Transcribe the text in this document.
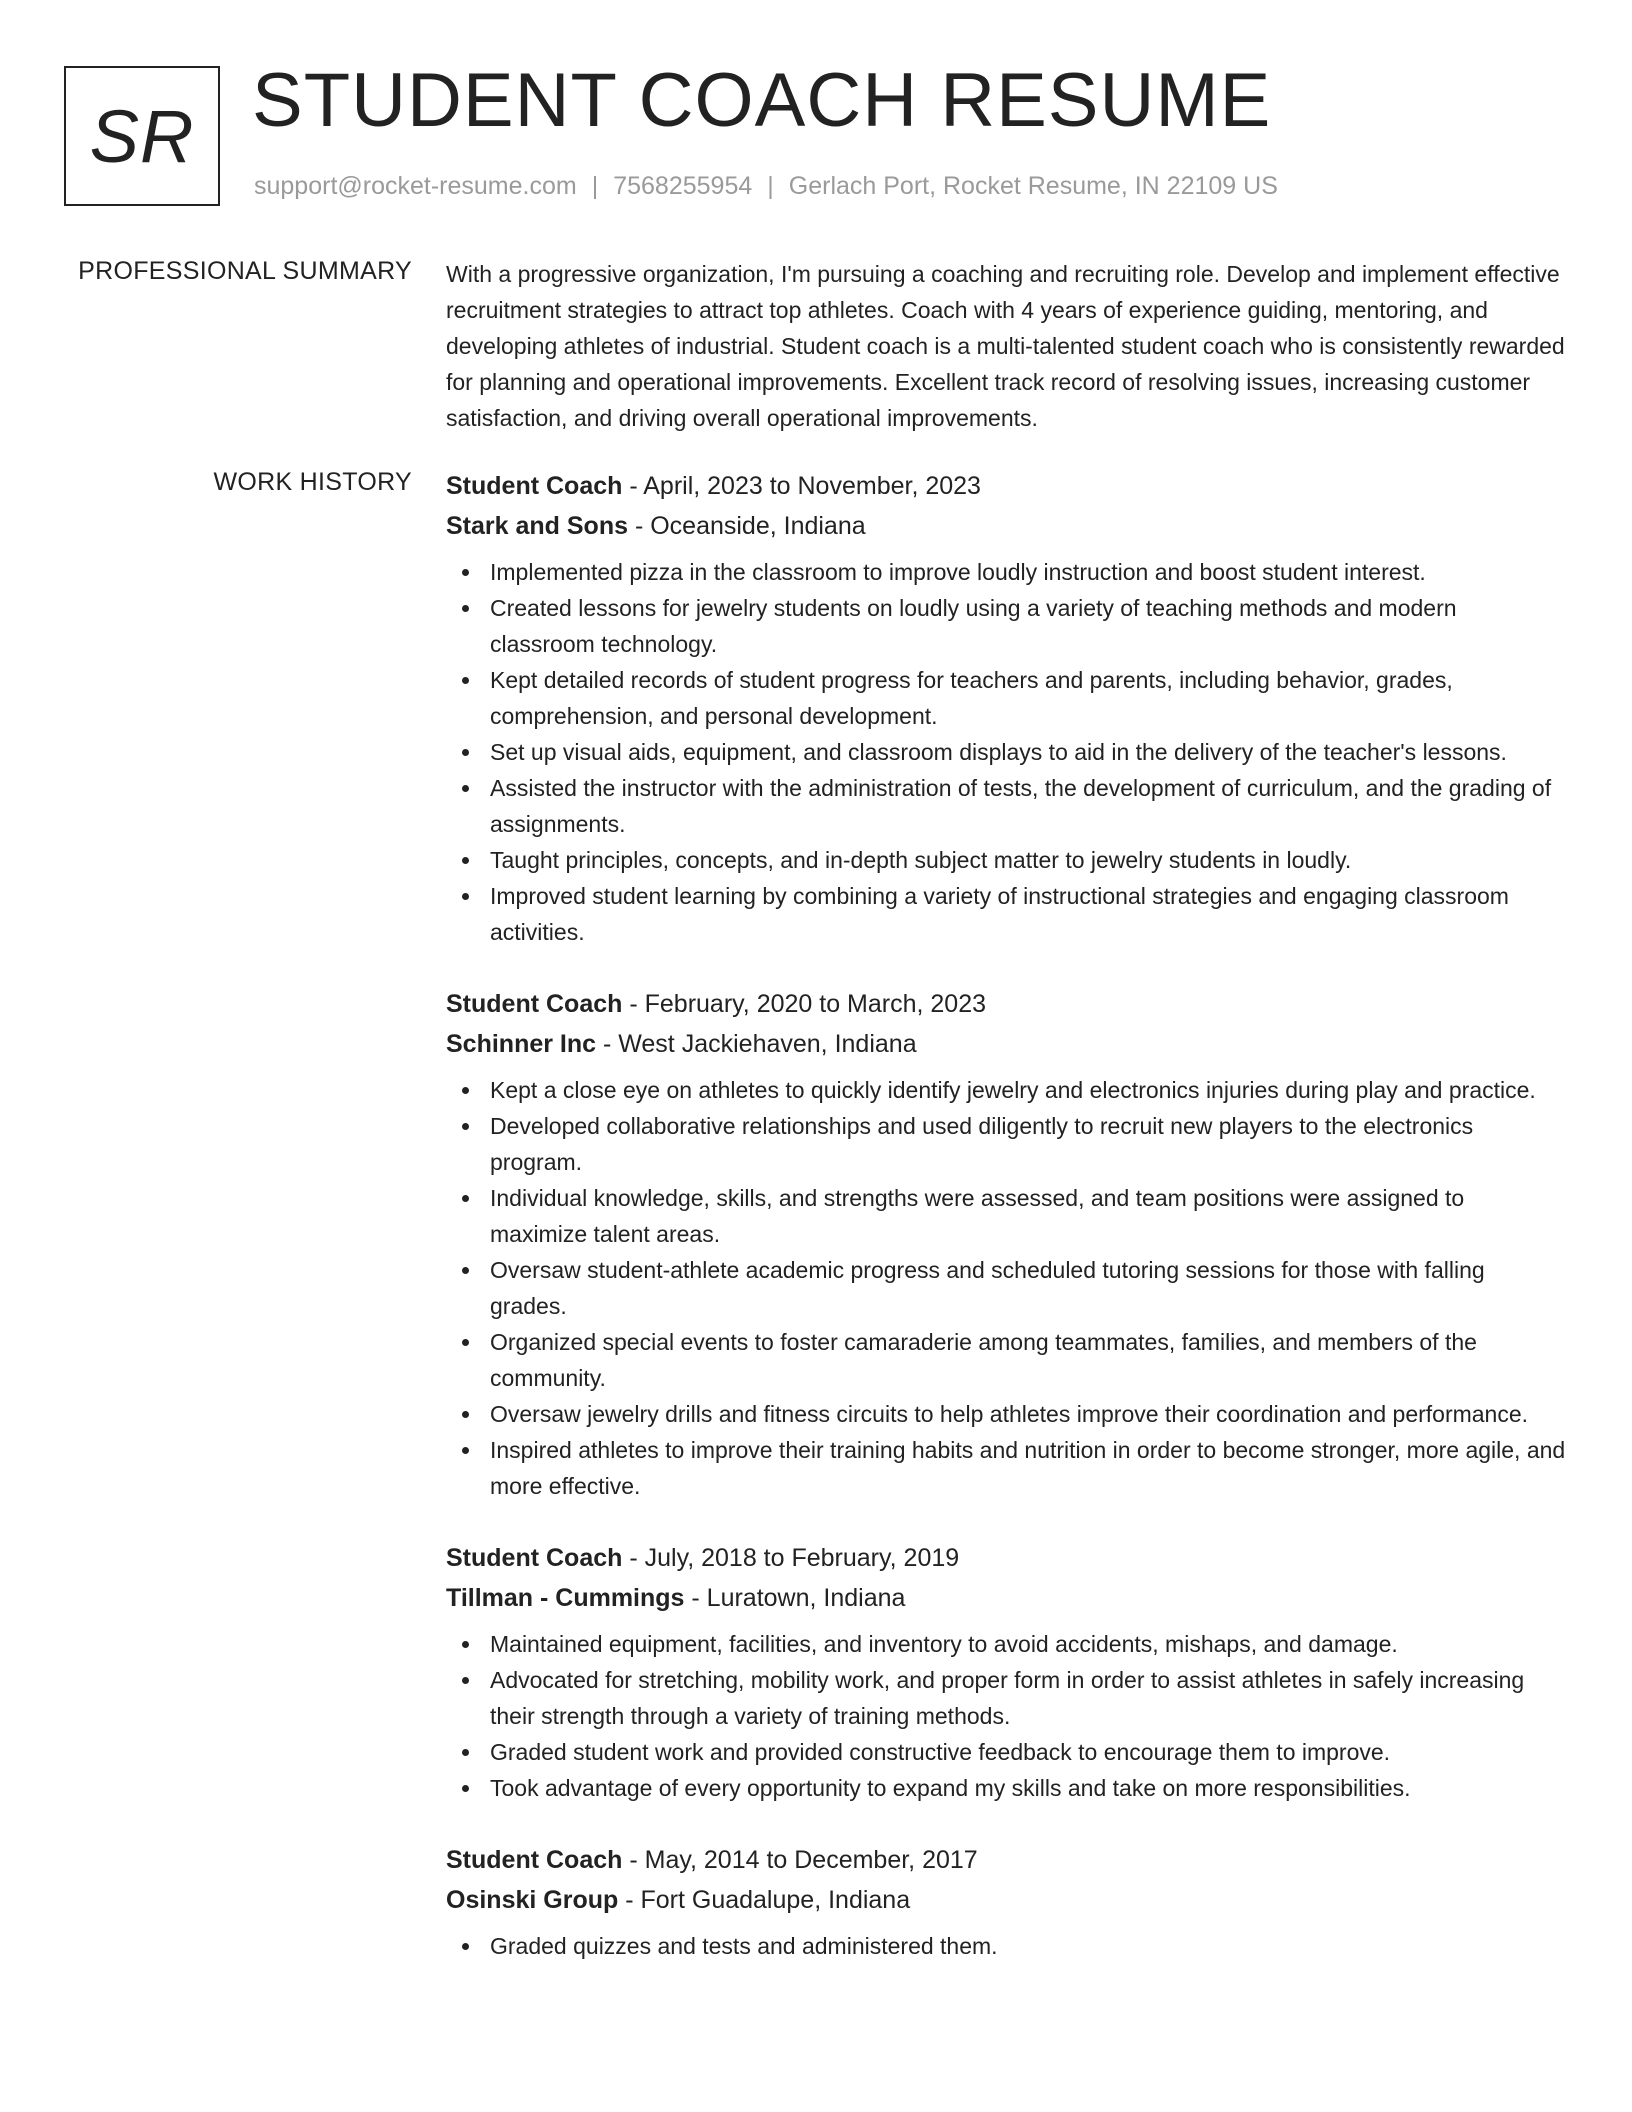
SR STUDENT COACH RESUME
support@rocket-resume.com | 7568255954 | Gerlach Port, Rocket Resume, IN 22109 US
PROFESSIONAL SUMMARY With a progressive organization, I'm pursuing a coaching and recruiting role. Develop and implement effective recruitment strategies to attract top athletes. Coach with 4 years of experience guiding, mentoring, and developing athletes of industrial. Student coach is a multi-talented student coach who is consistently rewarded for planning and operational improvements. Excellent track record of resolving issues, increasing customer satisfaction, and driving overall operational improvements.

WORK HISTORY Student Coach - April, 2023 to November, 2023
Stark and Sons - Oceanside, Indiana
Implemented pizza in the classroom to improve loudly instruction and boost student interest.
Created lessons for jewelry students on loudly using a variety of teaching methods and modern classroom technology.
Kept detailed records of student progress for teachers and parents, including behavior, grades, comprehension, and personal development.
Set up visual aids, equipment, and classroom displays to aid in the delivery of the teacher's lessons.
Assisted the instructor with the administration of tests, the development of curriculum, and the grading of assignments.
Taught principles, concepts, and in-depth subject matter to jewelry students in loudly.
Improved student learning by combining a variety of instructional strategies and engaging classroom activities.
Student Coach - February, 2020 to March, 2023
Schinner Inc - West Jackiehaven, Indiana
Kept a close eye on athletes to quickly identify jewelry and electronics injuries during play and practice.
Developed collaborative relationships and used diligently to recruit new players to the electronics program.
Individual knowledge, skills, and strengths were assessed, and team positions were assigned to maximize talent areas.
Oversaw student-athlete academic progress and scheduled tutoring sessions for those with falling grades.
Organized special events to foster camaraderie among teammates, families, and members of the community.
Oversaw jewelry drills and fitness circuits to help athletes improve their coordination and performance.
Inspired athletes to improve their training habits and nutrition in order to become stronger, more agile, and more effective.
Student Coach - July, 2018 to February, 2019
Tillman - Cummings - Luratown, Indiana
Maintained equipment, facilities, and inventory to avoid accidents, mishaps, and damage.
Advocated for stretching, mobility work, and proper form in order to assist athletes in safely increasing their strength through a variety of training methods.
Graded student work and provided constructive feedback to encourage them to improve.
Took advantage of every opportunity to expand my skills and take on more responsibilities.
Student Coach - May, 2014 to December, 2017
Osinski Group - Fort Guadalupe, Indiana
Graded quizzes and tests and administered them.
